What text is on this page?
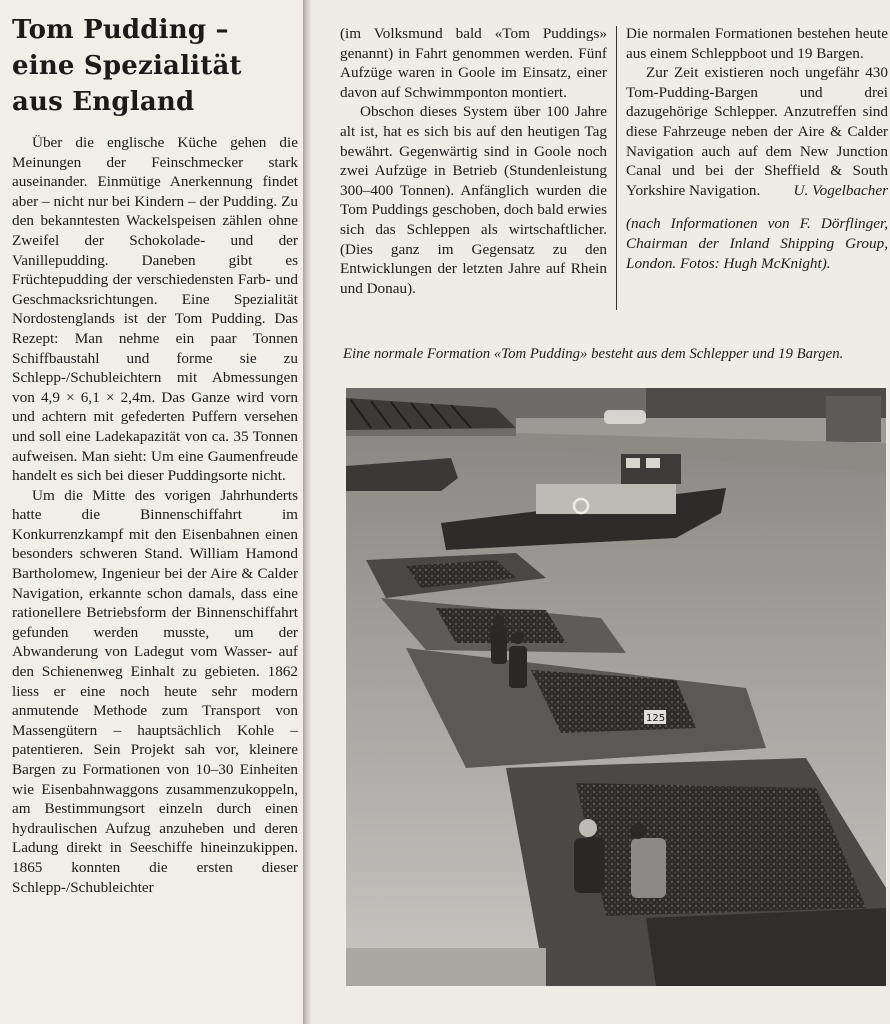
Tom Pudding – eine Spezialität aus England

Über die englische Küche gehen die Meinungen der Feinschmecker stark auseinander. Einmütige Anerkennung findet aber – nicht nur bei Kindern – der Pudding. Zu den bekanntesten Wackelspeisen zählen ohne Zweifel der Schokolade- und der Vanillepudding. Daneben gibt es Früchtepudding der verschiedensten Farb- und Geschmacksrichtungen. Eine Spezialität Nordostenglands ist der Tom Pudding. Das Rezept: Man nehme ein paar Tonnen Schiffbaustahl und forme sie zu Schlepp-/Schubleichtern mit Abmessungen von 4,9 × 6,1 × 2,4m. Das Ganze wird vorn und achtern mit gefederten Puffern versehen und soll eine Ladekapazität von ca. 35 Tonnen aufweisen. Man sieht: Um eine Gaumenfreude handelt es sich bei dieser Puddingsorte nicht.

Um die Mitte des vorigen Jahrhunderts hatte die Binnenschiffahrt im Konkurrenzkampf mit den Eisenbahnen einen besonders schweren Stand. William Hamond Bartholomew, Ingenieur bei der Aire & Calder Navigation, erkannte schon damals, dass eine rationellere Betriebsform der Binnenschiffahrt gefunden werden musste, um der Abwanderung von Ladegut vom Wasser- auf den Schienenweg Einhalt zu gebieten. 1862 liess er eine noch heute sehr modern anmutende Methode zum Transport von Massengütern – hauptsächlich Kohle – patentieren. Sein Projekt sah vor, kleinere Bargen zu Formationen von 10–30 Einheiten wie Eisenbahnwaggons zusammenzukoppeln, am Bestimmungsort einzeln durch einen hydraulischen Aufzug anzuheben und deren Ladung direkt in Seeschiffe hineinzukippen. 1865 konnten die ersten dieser Schlepp-/Schubleichter

(im Volksmund bald «Tom Puddings» genannt) in Fahrt genommen werden. Fünf Aufzüge waren in Goole im Einsatz, einer davon auf Schwimmponton montiert.

Obschon dieses System über 100 Jahre alt ist, hat es sich bis auf den heutigen Tag bewährt. Gegenwärtig sind in Goole noch zwei Aufzüge in Betrieb (Stundenleistung 300–400 Tonnen). Anfänglich wurden die Tom Puddings geschoben, doch bald erwies sich das Schleppen als wirtschaftlicher. (Dies ganz im Gegensatz zu den Entwicklungen der letzten Jahre auf Rhein und Donau).

Die normalen Formationen bestehen heute aus einem Schleppboot und 19 Bargen.

Zur Zeit existieren noch ungefähr 430 Tom-Pudding-Bargen und drei dazugehörige Schlepper. Anzutreffen sind diese Fahrzeuge neben der Aire & Calder Navigation auch auf dem New Junction Canal und bei der Sheffield & South Yorkshire Navigation.	U. Vogelbacher

(nach Informationen von F. Dörflinger, Chairman der Inland Shipping Group, London. Fotos: Hugh McKnight).

Eine normale Formation «Tom Pudding» besteht aus dem Schlepper und 19 Bargen.

125
